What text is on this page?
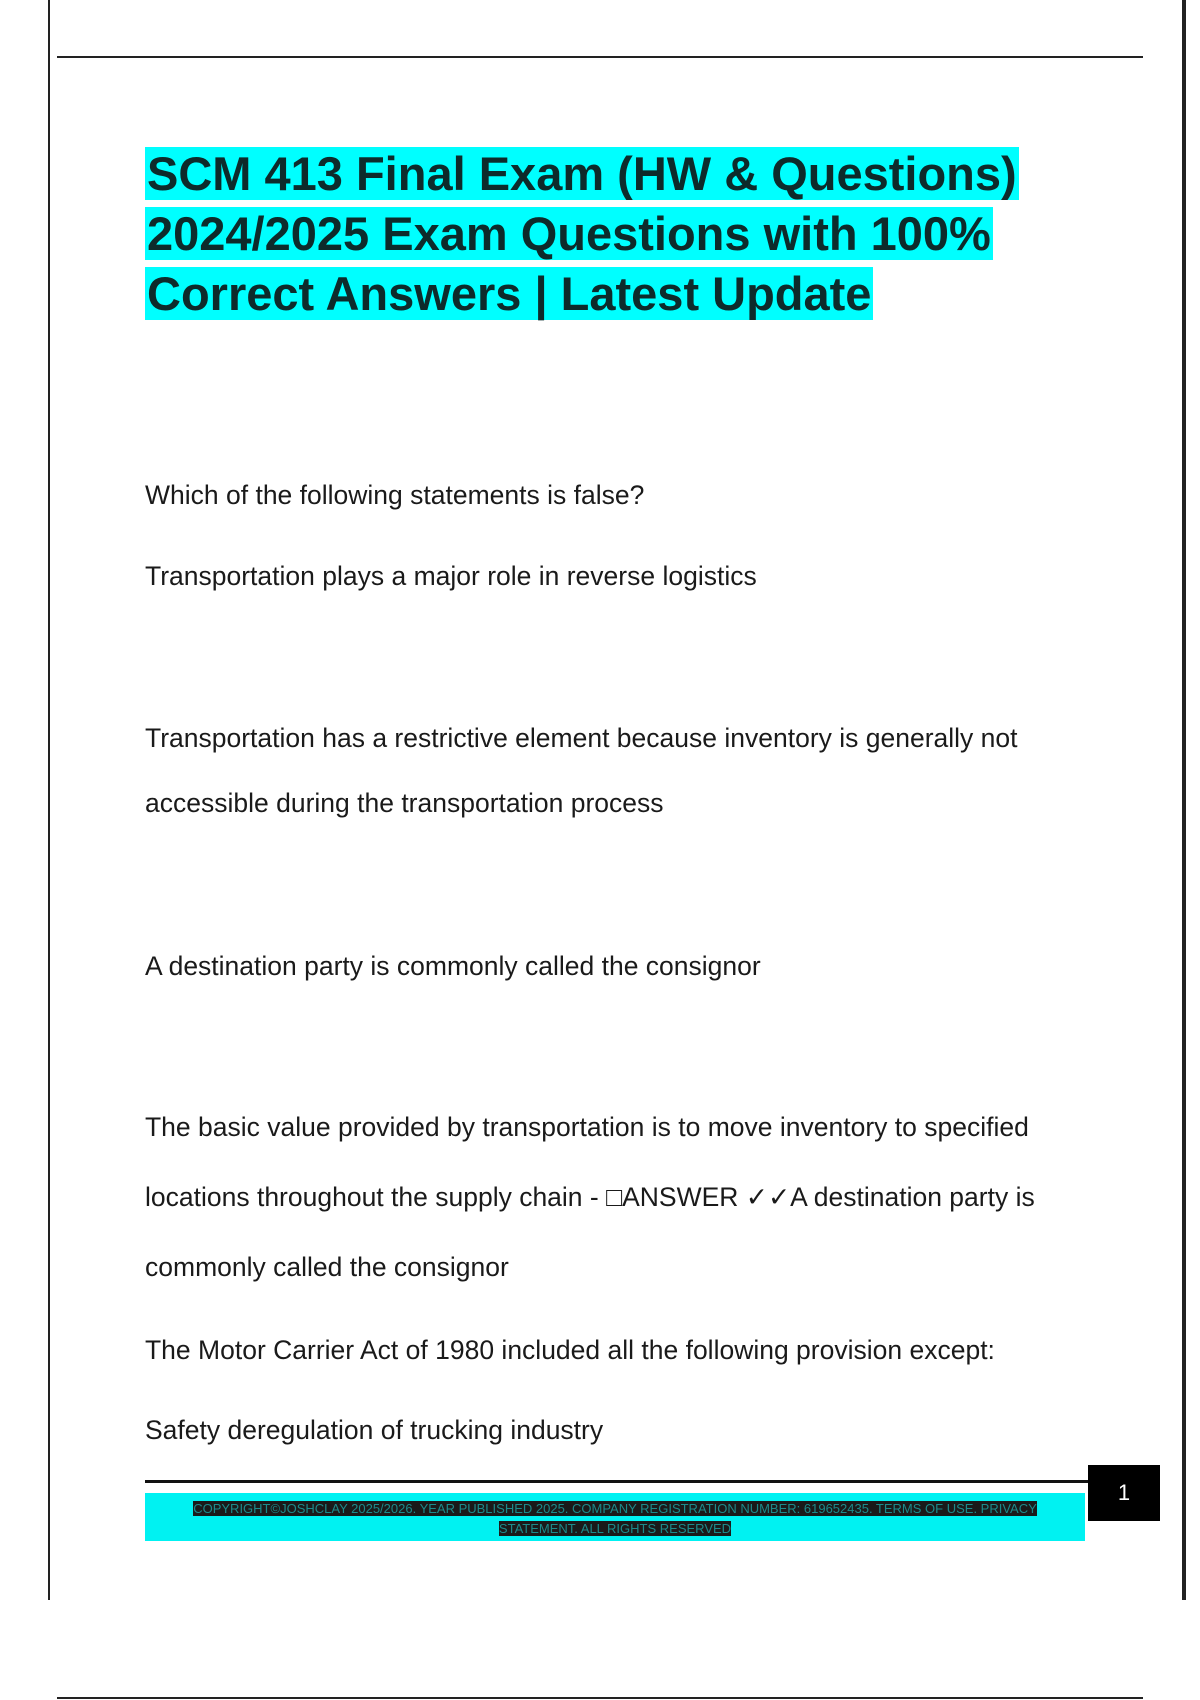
SCM 413 Final Exam (HW & Questions)
2024/2025 Exam Questions with 100%
Correct Answers | Latest Update

Which of the following statements is false?

Transportation plays a major role in reverse logistics

Transportation has a restrictive element because inventory is generally not accessible during the transportation process

A destination party is commonly called the consignor

The basic value provided by transportation is to move inventory to specified locations throughout the supply chain - □ANSWER ✓✓A destination party is commonly called the consignor

The Motor Carrier Act of 1980 included all the following provision except:

Safety deregulation of trucking industry

COPYRIGHT©JOSHCLAY 2025/2026. YEAR PUBLISHED 2025. COMPANY REGISTRATION NUMBER: 619652435. TERMS OF USE. PRIVACY STATEMENT. ALL RIGHTS RESERVED
1
